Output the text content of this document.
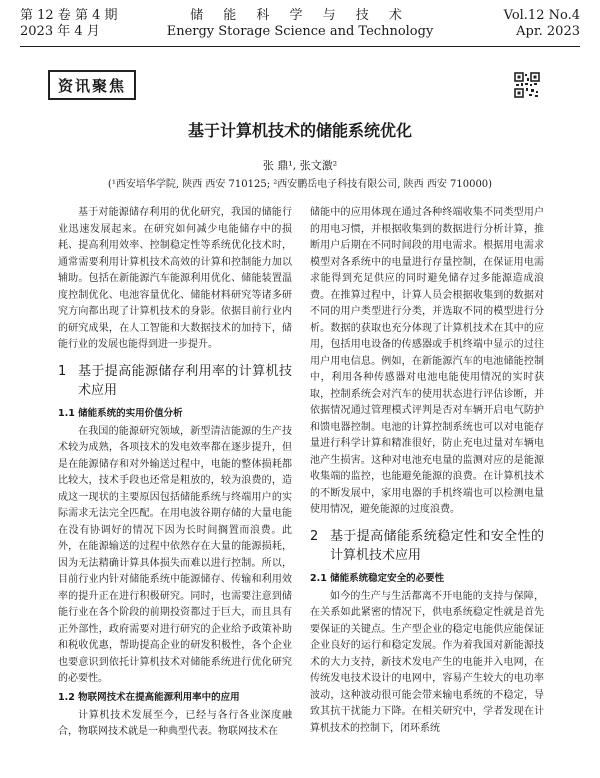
第 12 卷 第 4 期
2023 年 4 月
储 能 科 学 与 技 术
Energy Storage Science and Technology
Vol.12 No.4
Apr. 2023
资讯聚焦
基于计算机技术的储能系统优化
张 鼎¹, 张文激²
(¹西安培华学院, 陕西 西安 710125; ²西安鹏岳电子科技有限公司, 陕西 西安 710000)

基于对能源储存利用的优化研究，我国的储能行业迅速发展起来。在研究如何减少电能储存中的损耗、提高利用效率、控制稳定性等系统优化技术时，通常需要利用计算机技术高效的计算和控制能力加以辅助。包括在新能源汽车能源利用优化、储能装置温度控制优化、电池容量优化、储能材料研究等诸多研究方向都出现了计算机技术的身影。依据目前行业内的研究成果，在人工智能和大数据技术的加持下，储能行业的发展也能得到进一步提升。

1 基于提高能源储存利用率的计算机技术应用
1.1 储能系统的实用价值分析

在我国的能源研究领域，新型清洁能源的生产技术较为成熟，各项技术的发电效率都在逐步提升，但是在能源储存和对外输送过程中，电能的整体损耗都比较大，技术手段也还常是粗放的，较为浪费的，造成这一现状的主要原因包括储能系统与终端用户的实际需求无法完全匹配。在用电波谷期存储的大量电能在没有协调好的情况下因为长时间搁置而浪费。此外，在能源输送的过程中依然存在大量的能源损耗，因为无法精确计算具体损失而难以进行控制。所以，目前行业内针对储能系统中能源储存、传输和利用效率的提升正在进行积极研究。同时，也需要注意到储能行业在各个阶段的前期投资都过于巨大，而且具有正外部性，政府需要对进行研究的企业给予政策补助和税收优惠，帮助提高企业的研发积极性，各个企业也要意识到依托计算机技术对储能系统进行优化研究的必要性。

1.2 物联网技术在提高能源利用率中的应用

计算机技术发展至今，已经与各行各业深度融合，物联网技术就是一种典型代表。物联网技术在

储能中的应用体现在通过各种终端收集不同类型用户的用电习惯，并根据收集到的数据进行分析计算，推断用户后期在不同时间段的用电需求。根据用电需求模型对各系统中的电量进行存量控制，在保证用电需求能得到充足供应的同时避免储存过多能源造成浪费。在推算过程中，计算人员会根据收集到的数据对不同的用户类型进行分类，并选取不同的模型进行分析。数据的获取也充分体现了计算机技术在其中的应用，包括用电设备的传感器或手机终端中显示的过往用户用电信息。例如，在新能源汽车的电池储能控制中，利用各种传感器对电池电能使用情况的实时获取，控制系统会对汽车的使用状态进行评估诊断，并依据情况通过管理模式评判是否对车辆开启电气防护和馈电器控制。电池的计算控制系统也可以对电能存量进行科学计算和精准很好，防止充电过量对车辆电池产生损害。这种对电池充电量的监测对应的是能源收集端的监控，也能避免能源的浪费。在计算机技术的不断发展中，家用电器的手机终端也可以检测电量使用情况，避免能源的过度浪费。

2 基于提高储能系统稳定性和安全性的计算机技术应用
2.1 储能系统稳定安全的必要性

如今的生产与生活都离不开电能的支持与保障，在关系如此紧密的情况下，供电系统稳定性就是首先要保证的关键点。生产型企业的稳定电能供应能保证企业良好的运行和稳定发展。作为着我国对新能源技术的大力支持，新技术发电产生的电能并入电网，在传统发电技术设计的电网中，容易产生较大的电功率波动，这种波动很可能会带来输电系统的不稳定，导致其抗干扰能力下降。在相关研究中，学者发现在计算机技术的控制下，闭环系统
